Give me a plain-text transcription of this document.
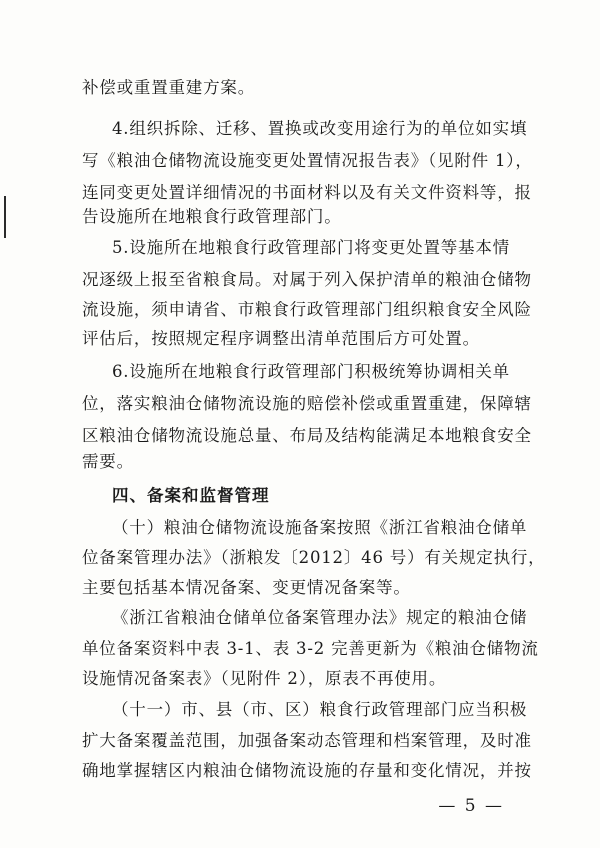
补偿或重置重建方案。
4.组织拆除、迁移、置换或改变用途行为的单位如实填
写《粮油仓储物流设施变更处置情况报告表》（见附件 1），
连同变更处置详细情况的书面材料以及有关文件资料等，报
告设施所在地粮食行政管理部门。
5.设施所在地粮食行政管理部门将变更处置等基本情
况逐级上报至省粮食局。对属于列入保护清单的粮油仓储物
流设施，须申请省、市粮食行政管理部门组织粮食安全风险
评估后，按照规定程序调整出清单范围后方可处置。
6.设施所在地粮食行政管理部门积极统筹协调相关单
位，落实粮油仓储物流设施的赔偿补偿或重置重建，保障辖
区粮油仓储物流设施总量、布局及结构能满足本地粮食安全
需要。
四、备案和监督管理
（十）粮油仓储物流设施备案按照《浙江省粮油仓储单
位备案管理办法》（浙粮发〔2012〕46 号）有关规定执行，
主要包括基本情况备案、变更情况备案等。
《浙江省粮油仓储单位备案管理办法》规定的粮油仓储
单位备案资料中表 3-1、表 3-2 完善更新为《粮油仓储物流
设施情况备案表》（见附件 2），原表不再使用。
（十一）市、县（市、区）粮食行政管理部门应当积极
扩大备案覆盖范围，加强备案动态管理和档案管理，及时准
确地掌握辖区内粮油仓储物流设施的存量和变化情况，并按
— 5 —
